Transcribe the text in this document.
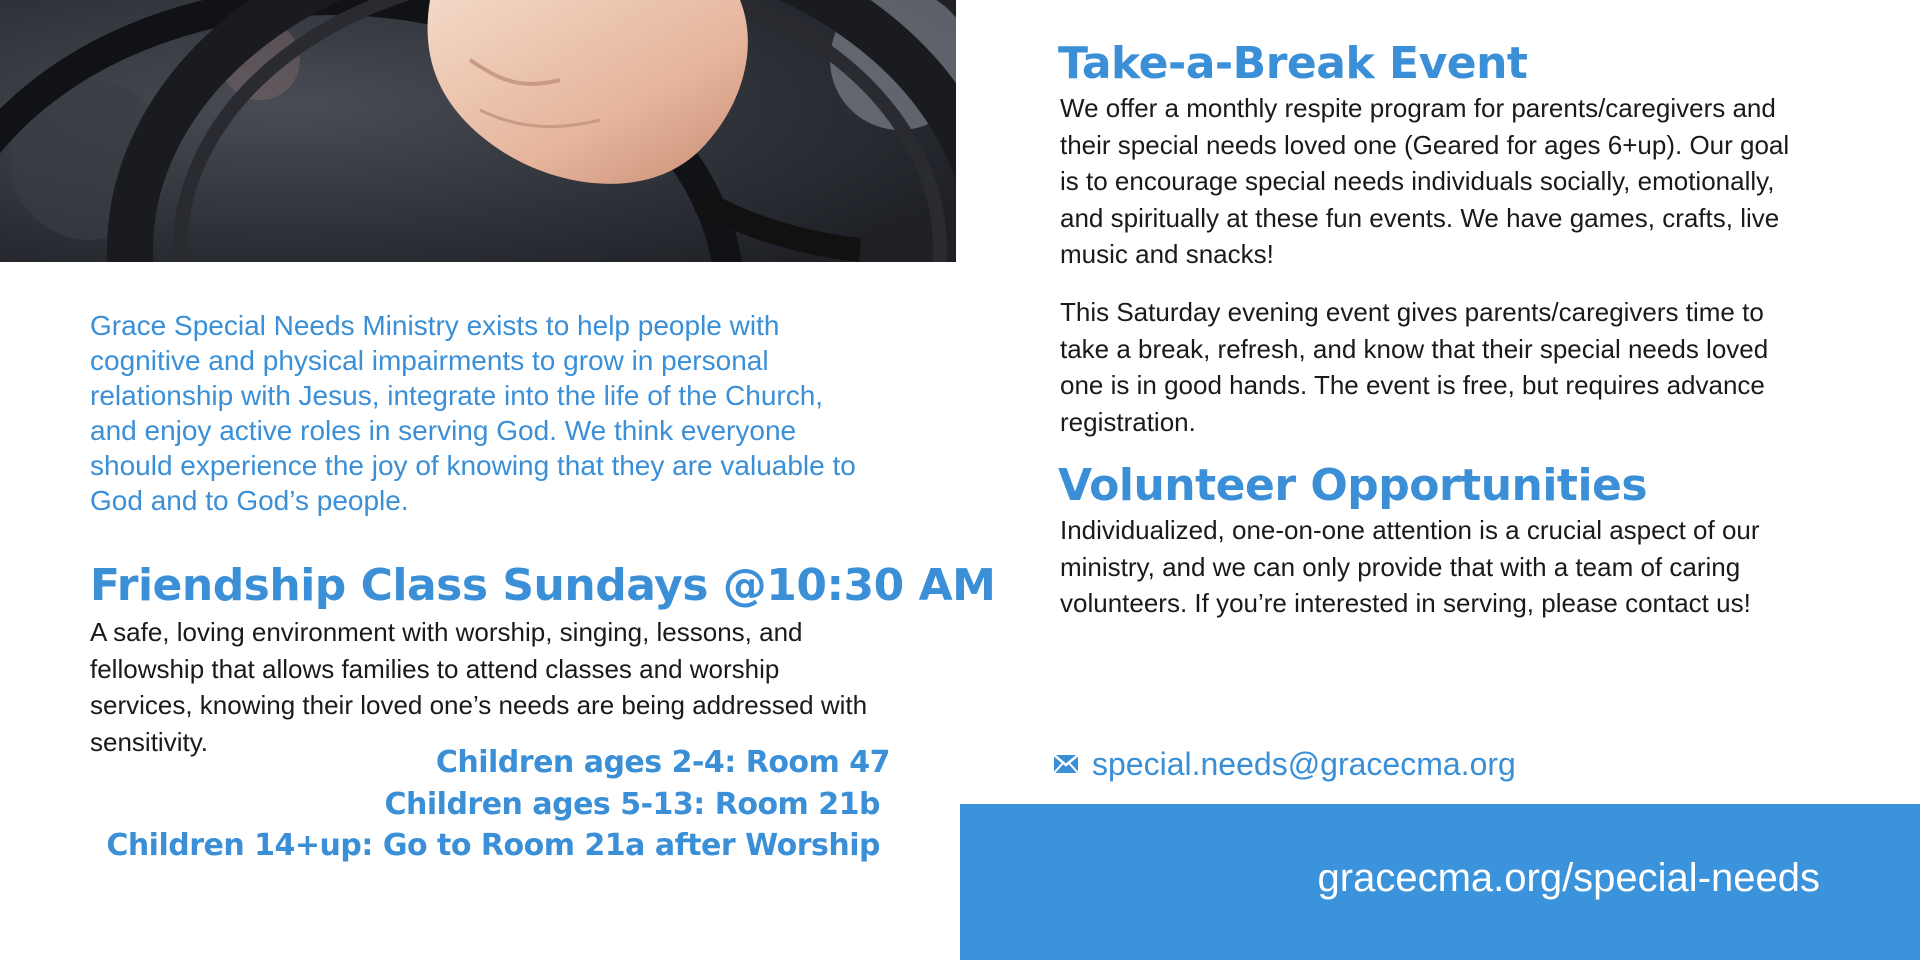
Grace Special Needs Ministry exists to help people with cognitive and physical impairments to grow in personal relationship with Jesus, integrate into the life of the Church, and enjoy active roles in serving God. We think everyone should experience the joy of knowing that they are valuable to God and to God’s people.

Friendship Class Sundays @10:30 AM

A safe, loving environment with worship, singing, lessons, and fellowship that allows families to attend classes and worship services, knowing their loved one’s needs are being addressed with sensitivity.

Children ages 2-4: Room 47
Children ages 5-13: Room 21b
Children 14+up: Go to Room 21a after Worship
Take-a-Break Event

We offer a monthly respite program for parents/caregivers and their special needs loved one (Geared for ages 6+up). Our goal is to encourage special needs individuals socially, emotionally, and spiritually at these fun events. We have games, crafts, live music and snacks!

This Saturday evening event gives parents/caregivers time to take a break, refresh, and know that their special needs loved one is in good hands. The event is free, but requires advance registration.

Volunteer Opportunities

Individualized, one-on-one attention is a crucial aspect of our ministry, and we can only provide that with a team of caring volunteers. If you’re interested in serving, please contact us!

special.needs@gracecma.org
gracecma.org/special-needs
